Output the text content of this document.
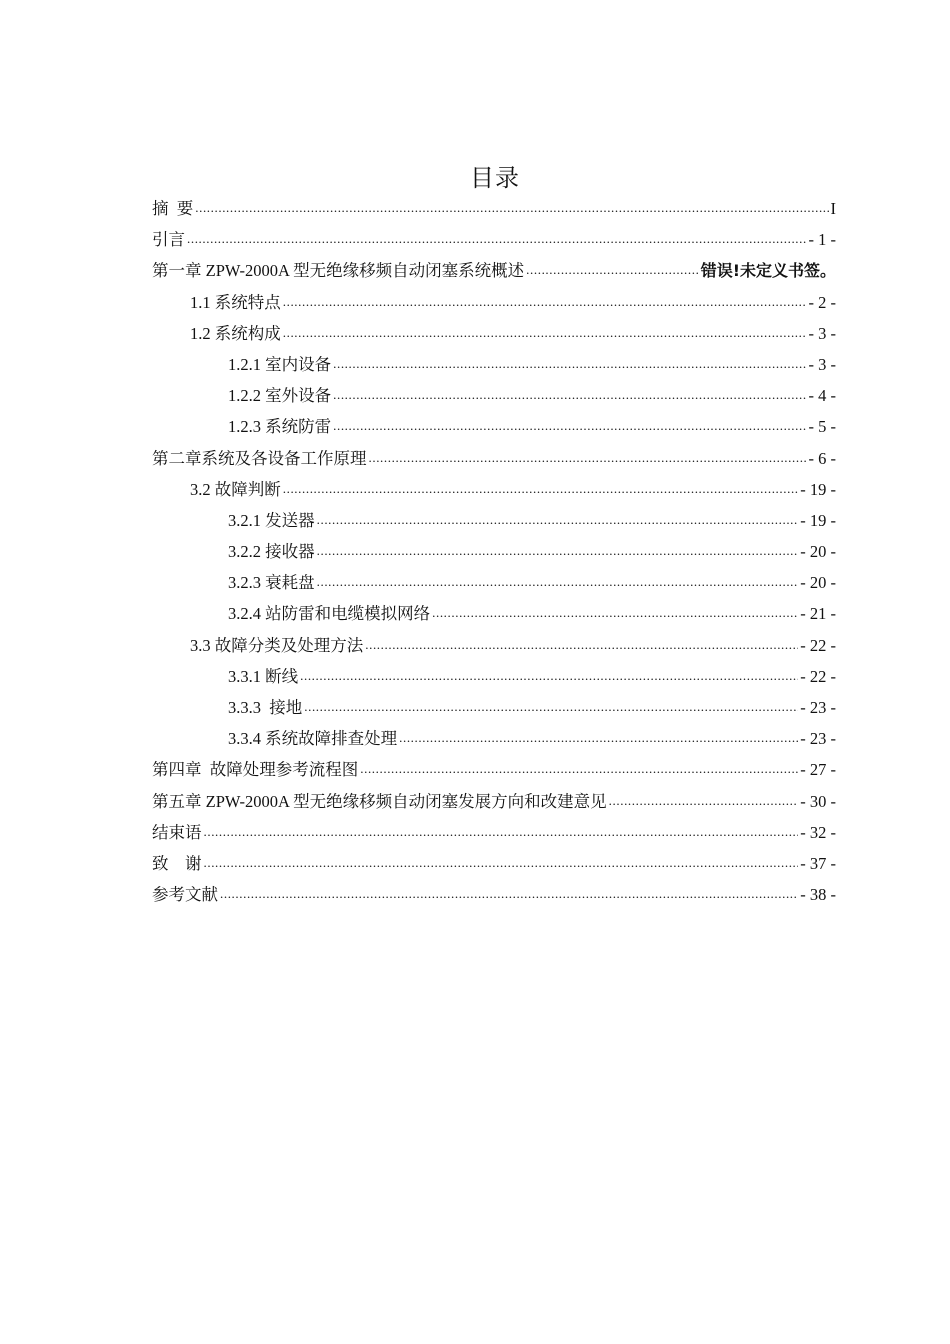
目录
摘  要 .....	I
引言 .....	- 1 -
第一章 ZPW-2000A 型无绝缘移频自动闭塞系统概述 .....	错误!未定义书签。
1.1 系统特点 .....	- 2 -
1.2 系统构成 .....	- 3 -
1.2.1 室内设备 .....	- 3 -
1.2.2 室外设备 .....	- 4 -
1.2.3 系统防雷 .....	- 5 -
第二章系统及各设备工作原理 .....	- 6 -
3.2 故障判断 .....	- 19 -
3.2.1 发送器 .....	- 19 -
3.2.2 接收器 .....	- 20 -
3.2.3 衰耗盘 .....	- 20 -
3.2.4 站防雷和电缆模拟网络 .....	- 21 -
3.3 故障分类及处理方法 .....	- 22 -
3.3.1 断线 .....	- 22 -
3.3.3  接地 .....	- 23 -
3.3.4 系统故障排查处理 .....	- 23 -
第四章  故障处理参考流程图 .....	- 27 -
第五章 ZPW-2000A 型无绝缘移频自动闭塞发展方向和改建意见 .....	- 30 -
结束语 .....	- 32 -
致    谢 .....	- 37 -
参考文献 .....	- 38 -
